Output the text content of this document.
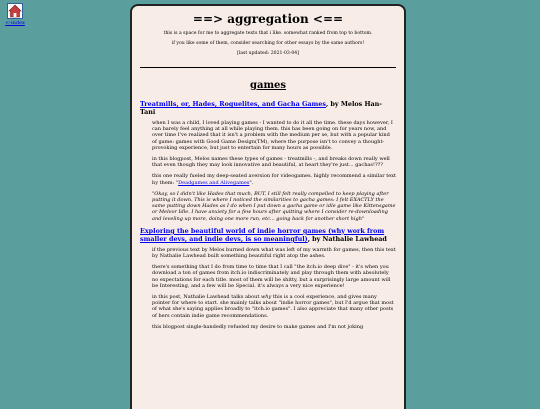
<-index	==> aggregation <==

this is a space for me to aggregate texts that i like. somewhat ranked from top to bottom.

if you like some of them, consider searching for other essays by the same authors!

[last updated: 2021-03-04]

games
Treatmills, or, Hades, Roguelites, and Gacha Games, by Melos Han-Tani

when I was a child, I loved playing games - I wanted to do it all the time. these days however, I can barely feel anything at all while playing them. this has been going on for years now, and over time I've realized that it isn't a problem with the medium per se, but with a popular kind of game: games with Good Game Design(TM), where the purpose isn't to convey a thought-provoking experience, but just to entertain for many hours as possible.

in this blogpost, Melos names these types of games - treatmills -, and breaks down really well that even though they may look innovative and beautiful, at heart they're just... gachas!???

this one really fueled my deep-seated aversion for videogames. highly recommend a similar text by them: "Deadgames and Alivegames".

"Okay, so I didn't like Hades that much, BUT, I still felt really compelled to keep playing after putting it down. This is where I noticed the similarities to gacha games: I felt EXACTLY the same putting down Hades as I do when I put down a gacha game or idle game like Kittensgame or Melvor Idle. I have anxiety for a few hours after quitting where I consider re-downloading and leveling up more, doing one more run, etc... going back for another short high"

Exploring the beautiful world of indie horror games (why work from smaller devs, and indie devs, is so meaningful), by Nathalie Lawhead

if the previous text by Melos burned down what was left of my warmth for games, then this text by Nathalie Lawhead built something beautiful right atop the ashes.

there's something that I do from time to time that I call "the itch.io deep dive" - it's when you download a ton of games from itch.io indiscriminately and play through them with absolutely no expectations for each title. most of them will be shitty, but a surprisingly large amount will be Interesting, and a few will be Special. it's always a very nice experience!

in this post, Nathalie Lawhead talks about why this is a cool experience, and gives many pointer for where to start. she mainly talks about "indie horror games", but I'd argue that most of what she's saying applies broadly to "itch.io games". I also appreciate that many other posts of hers contain indie game recommendations.

this blogpost single-handedly refueled my desire to make games and I'm not joking
